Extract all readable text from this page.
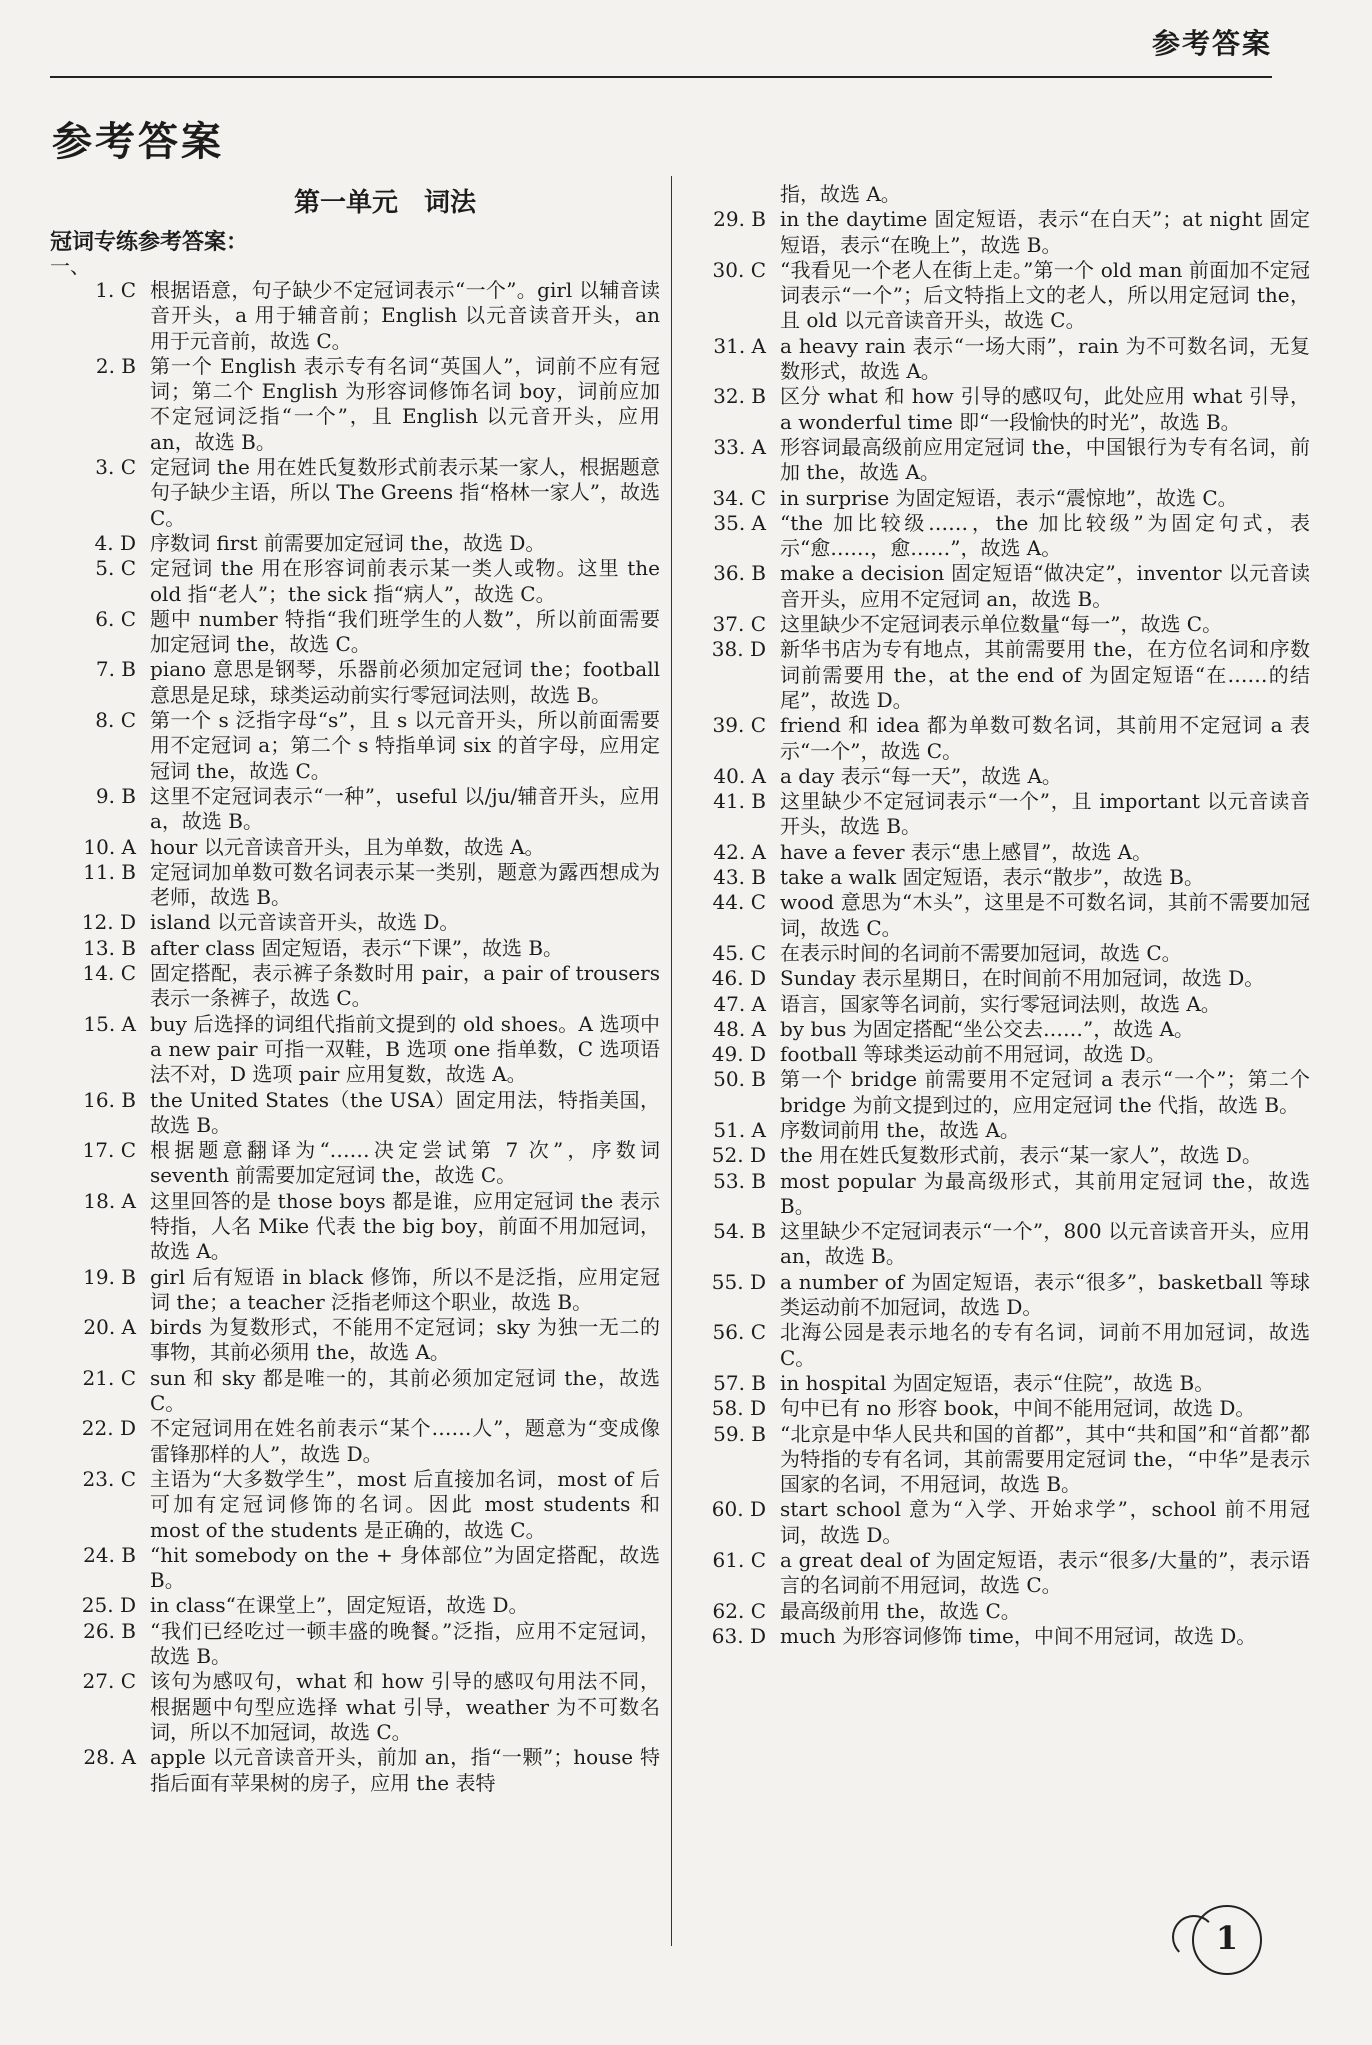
参考答案
参考答案
第一单元　词法
冠词专练参考答案：
一、
1. C 根据语意，句子缺少不定冠词表示“一个”。girl 以辅音读音开头，a 用于辅音前；English 以元音读音开头，an 用于元音前，故选 C。
2. B 第一个 English 表示专有名词“英国人”，词前不应有冠词；第二个 English 为形容词修饰名词 boy，词前应加不定冠词泛指“一个”，且 English 以元音开头，应用 an，故选 B。
3. C 定冠词 the 用在姓氏复数形式前表示某一家人，根据题意句子缺少主语，所以 The Greens 指“格林一家人”，故选 C。
4. D 序数词 first 前需要加定冠词 the，故选 D。
5. C 定冠词 the 用在形容词前表示某一类人或物。这里 the old 指“老人”；the sick 指“病人”，故选 C。
6. C 题中 number 特指“我们班学生的人数”，所以前面需要加定冠词 the，故选 C。
7. B piano 意思是钢琴，乐器前必须加定冠词 the；football 意思是足球，球类运动前实行零冠词法则，故选 B。
8. C 第一个 s 泛指字母“s”，且 s 以元音开头，所以前面需要用不定冠词 a；第二个 s 特指单词 six 的首字母，应用定冠词 the，故选 C。
9. B 这里不定冠词表示“一种”，useful 以/ju/辅音开头，应用 a，故选 B。
10. A hour 以元音读音开头，且为单数，故选 A。
11. B 定冠词加单数可数名词表示某一类别，题意为露西想成为老师，故选 B。
12. D island 以元音读音开头，故选 D。
13. B after class 固定短语，表示“下课”，故选 B。
14. C 固定搭配，表示裤子条数时用 pair，a pair of trousers 表示一条裤子，故选 C。
15. A buy 后选择的词组代指前文提到的 old shoes。A 选项中 a new pair 可指一双鞋，B 选项 one 指单数，C 选项语法不对，D 选项 pair 应用复数，故选 A。
16. B the United States（the USA）固定用法，特指美国，故选 B。
17. C 根据题意翻译为“……决定尝试第 7 次”，序数词 seventh 前需要加定冠词 the，故选 C。
18. A 这里回答的是 those boys 都是谁，应用定冠词 the 表示特指，人名 Mike 代表 the big boy，前面不用加冠词，故选 A。
19. B girl 后有短语 in black 修饰，所以不是泛指，应用定冠词 the；a teacher 泛指老师这个职业，故选 B。
20. A birds 为复数形式，不能用不定冠词；sky 为独一无二的事物，其前必须用 the，故选 A。
21. C sun 和 sky 都是唯一的，其前必须加定冠词 the，故选 C。
22. D 不定冠词用在姓名前表示“某个……人”，题意为“变成像雷锋那样的人”，故选 D。
23. C 主语为“大多数学生”，most 后直接加名词，most of 后可加有定冠词修饰的名词。因此 most students 和 most of the students 是正确的，故选 C。
24. B “hit somebody on the + 身体部位”为固定搭配，故选 B。
25. D in class“在课堂上”，固定短语，故选 D。
26. B “我们已经吃过一顿丰盛的晚餐。”泛指，应用不定冠词，故选 B。
27. C 该句为感叹句，what 和 how 引导的感叹句用法不同，根据题中句型应选择 what 引导，weather 为不可数名词，所以不加冠词，故选 C。
28. A apple 以元音读音开头，前加 an，指“一颗”；house 特指后面有苹果树的房子，应用 the 表特
指，故选 A。
29. B in the daytime 固定短语，表示“在白天”；at night 固定短语，表示“在晚上”，故选 B。
30. C “我看见一个老人在街上走。”第一个 old man 前面加不定冠词表示“一个”；后文特指上文的老人，所以用定冠词 the，且 old 以元音读音开头，故选 C。
31. A a heavy rain 表示“一场大雨”，rain 为不可数名词，无复数形式，故选 A。
32. B 区分 what 和 how 引导的感叹句，此处应用 what 引导，a wonderful time 即“一段愉快的时光”，故选 B。
33. A 形容词最高级前应用定冠词 the，中国银行为专有名词，前加 the，故选 A。
34. C in surprise 为固定短语，表示“震惊地”，故选 C。
35. A “the 加比较级……，the 加比较级”为固定句式，表示“愈……，愈……”，故选 A。
36. B make a decision 固定短语“做决定”，inventor 以元音读音开头，应用不定冠词 an，故选 B。
37. C 这里缺少不定冠词表示单位数量“每一”，故选 C。
38. D 新华书店为专有地点，其前需要用 the，在方位名词和序数词前需要用 the，at the end of 为固定短语“在……的结尾”，故选 D。
39. C friend 和 idea 都为单数可数名词，其前用不定冠词 a 表示“一个”，故选 C。
40. A a day 表示“每一天”，故选 A。
41. B 这里缺少不定冠词表示“一个”，且 important 以元音读音开头，故选 B。
42. A have a fever 表示“患上感冒”，故选 A。
43. B take a walk 固定短语，表示“散步”，故选 B。
44. C wood 意思为“木头”，这里是不可数名词，其前不需要加冠词，故选 C。
45. C 在表示时间的名词前不需要加冠词，故选 C。
46. D Sunday 表示星期日，在时间前不用加冠词，故选 D。
47. A 语言，国家等名词前，实行零冠词法则，故选 A。
48. A by bus 为固定搭配“坐公交去……”，故选 A。
49. D football 等球类运动前不用冠词，故选 D。
50. B 第一个 bridge 前需要用不定冠词 a 表示“一个”；第二个 bridge 为前文提到过的，应用定冠词 the 代指，故选 B。
51. A 序数词前用 the，故选 A。
52. D the 用在姓氏复数形式前，表示“某一家人”，故选 D。
53. B most popular 为最高级形式，其前用定冠词 the，故选 B。
54. B 这里缺少不定冠词表示“一个”，800 以元音读音开头，应用 an，故选 B。
55. D a number of 为固定短语，表示“很多”，basketball 等球类运动前不加冠词，故选 D。
56. C 北海公园是表示地名的专有名词，词前不用加冠词，故选 C。
57. B in hospital 为固定短语，表示“住院”，故选 B。
58. D 句中已有 no 形容 book，中间不能用冠词，故选 D。
59. B “北京是中华人民共和国的首都”，其中“共和国”和“首都”都为特指的专有名词，其前需要用定冠词 the，“中华”是表示国家的名词，不用冠词，故选 B。
60. D start school 意为“入学、开始求学”，school 前不用冠词，故选 D。
61. C a great deal of 为固定短语，表示“很多/大量的”，表示语言的名词前不用冠词，故选 C。
62. C 最高级前用 the，故选 C。
63. D much 为形容词修饰 time，中间不用冠词，故选 D。
1
